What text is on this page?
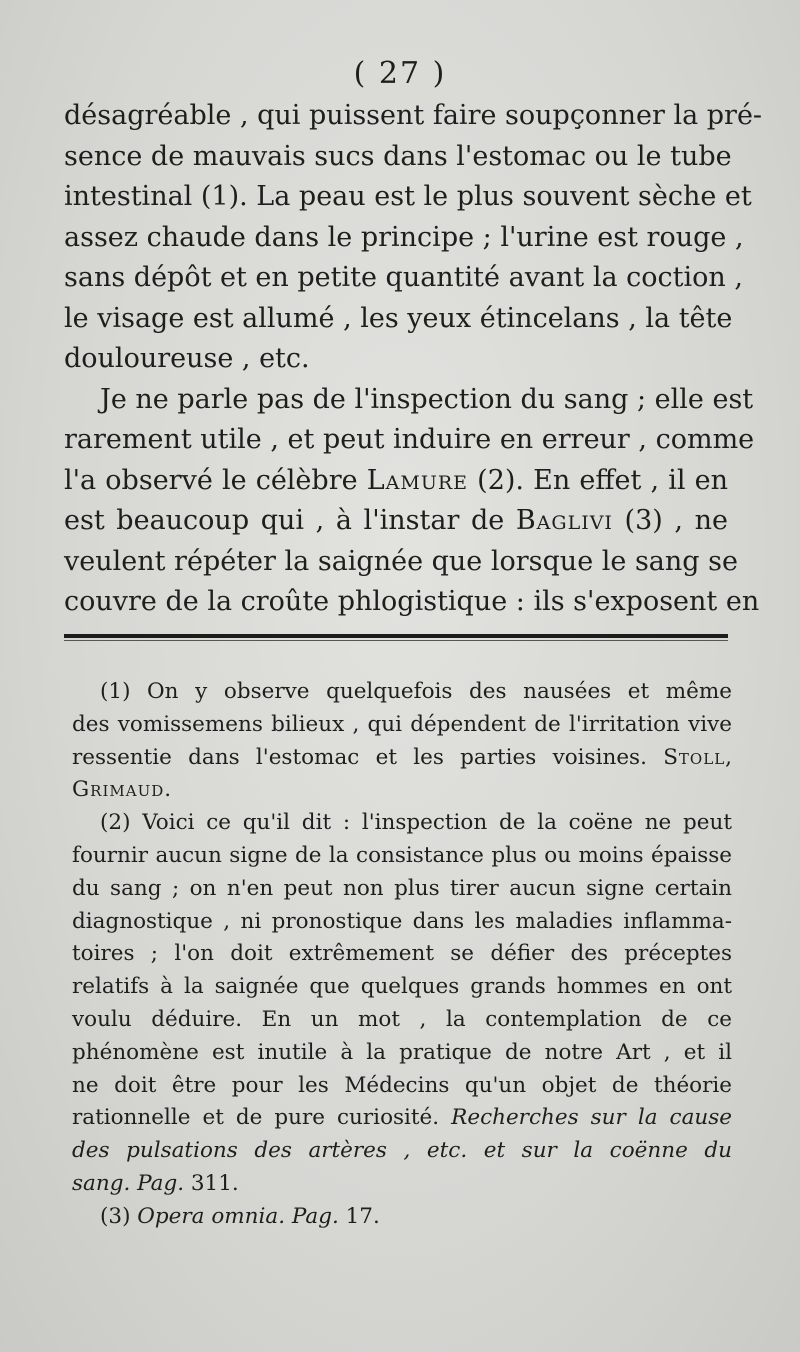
( 27 )
désagréable , qui puissent faire soupçonner la pré-
sence de mauvais sucs dans l'estomac ou le tube
intestinal (1). La peau est le plus souvent sèche et
assez chaude dans le principe ; l'urine est rouge ,
sans dépôt et en petite quantité avant la coction ,
le visage est allumé , les yeux étincelans , la tête
douloureuse , etc.
Je ne parle pas de l'inspection du sang ; elle est
rarement utile , et peut induire en erreur , comme
l'a observé le célèbre Lamure (2). En effet , il en
est beaucoup qui , à l'instar de Baglivi (3) , ne
veulent répéter la saignée que lorsque le sang se
couvre de la croûte phlogistique : ils s'exposent en
(1) On y observe quelquefois des nausées et même
des vomissemens bilieux , qui dépendent de l'irritation vive
ressentie dans l'estomac et les parties voisines. Stoll,
Grimaud.
(2) Voici ce qu'il dit : l'inspection de la coëne ne peut
fournir aucun signe de la consistance plus ou moins épaisse
du sang ; on n'en peut non plus tirer aucun signe certain
diagnostique , ni pronostique dans les maladies inflamma-
toires ; l'on doit extrêmement se défier des préceptes
relatifs à la saignée que quelques grands hommes en ont
voulu déduire. En un mot , la contemplation de ce
phénomène est inutile à la pratique de notre Art , et il
ne doit être pour les Médecins qu'un objet de théorie
rationnelle et de pure curiosité. Recherches sur la cause
des pulsations des artères , etc. et sur la coënne du
sang. Pag. 311.
(3) Opera omnia. Pag. 17.
